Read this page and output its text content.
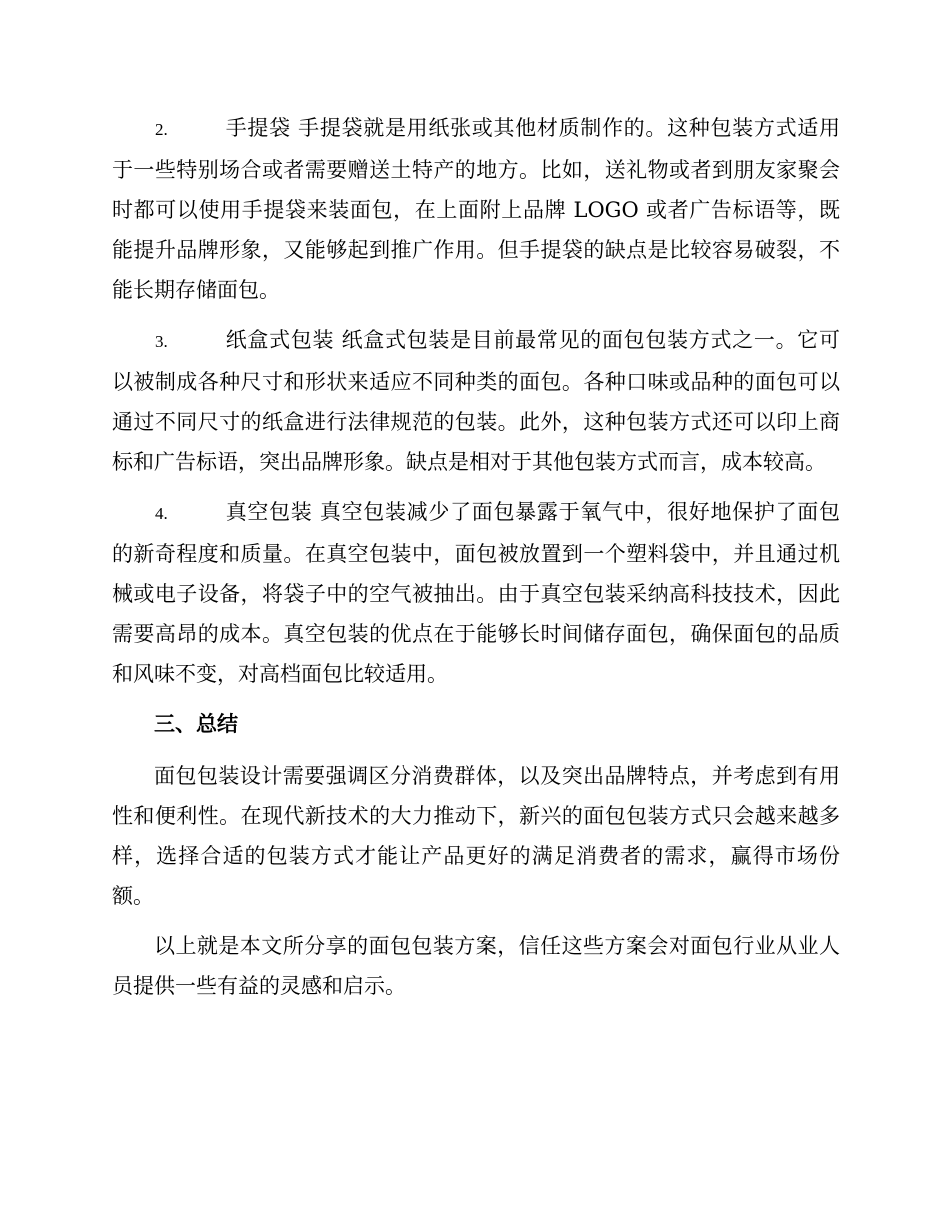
2.	手提袋 手提袋就是用纸张或其他材质制作的。这种包装方式适用于一些特别场合或者需要赠送土特产的地方。比如，送礼物或者到朋友家聚会时都可以使用手提袋来装面包，在上面附上品牌 LOGO 或者广告标语等，既能提升品牌形象，又能够起到推广作用。但手提袋的缺点是比较容易破裂，不能长期存储面包。

3.	纸盒式包装 纸盒式包装是目前最常见的面包包装方式之一。它可以被制成各种尺寸和形状来适应不同种类的面包。各种口味或品种的面包可以通过不同尺寸的纸盒进行法律规范的包装。此外，这种包装方式还可以印上商标和广告标语，突出品牌形象。缺点是相对于其他包装方式而言，成本较高。

4.	真空包装 真空包装减少了面包暴露于氧气中，很好地保护了面包的新奇程度和质量。在真空包装中，面包被放置到一个塑料袋中，并且通过机械或电子设备，将袋子中的空气被抽出。由于真空包装采纳高科技技术，因此需要高昂的成本。真空包装的优点在于能够长时间储存面包，确保面包的品质和风味不变，对高档面包比较适用。

三、总结

面包包装设计需要强调区分消费群体，以及突出品牌特点，并考虑到有用性和便利性。在现代新技术的大力推动下，新兴的面包包装方式只会越来越多样，选择合适的包装方式才能让产品更好的满足消费者的需求，赢得市场份额。

以上就是本文所分享的面包包装方案，信任这些方案会对面包行业从业人员提供一些有益的灵感和启示。
